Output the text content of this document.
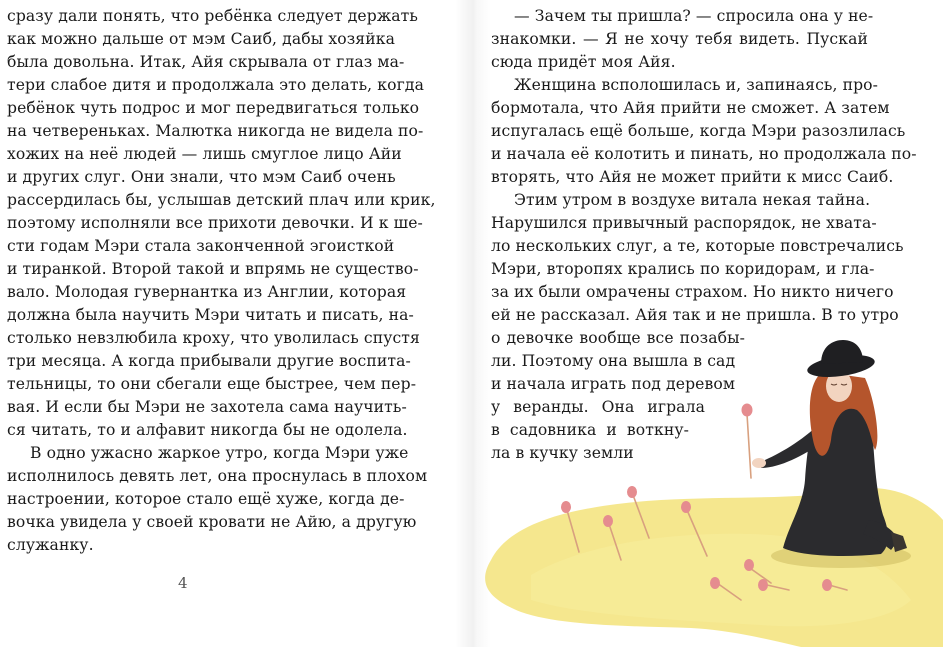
сразу дали понять, что ребёнка следует держать
как можно дальше от мэм Саиб, дабы хозяйка
была довольна. Итак, Айя скрывала от глаз ма-
тери слабое дитя и продолжала это делать, когда
ребёнок чуть подрос и мог передвигаться только
на четвереньках. Малютка никогда не видела по-
хожих на неё людей — лишь смуглое лицо Айи
и других слуг. Они знали, что мэм Саиб очень
рассердилась бы, услышав детский плач или крик,
поэтому исполняли все прихоти девочки. И к ше-
сти годам Мэри стала законченной эгоисткой
и тиранкой. Второй такой и впрямь не существо-
вало. Молодая гувернантка из Англии, которая
должна была научить Мэри читать и писать, на-
столько невзлюбила кроху, что уволилась спустя
три месяца. А когда прибывали другие воспита-
тельницы, то они сбегали еще быстрее, чем пер-
вая. И если бы Мэри не захотела сама научить-
ся читать, то и алфавит никогда бы не одолела.
В одно ужасно жаркое утро, когда Мэри уже
исполнилось девять лет, она проснулась в плохом
настроении, которое стало ещё хуже, когда де-
вочка увидела у своей кровати не Айю, а другую
служанку.
4
— Зачем ты пришла? — спросила она у не-
знакомки. — Я не хочу тебя видеть. Пускай
сюда придёт моя Айя.
Женщина всполошилась и, запинаясь, про-
бормотала, что Айя прийти не сможет. А затем
испугалась ещё больше, когда Мэри разозлилась
и начала её колотить и пинать, но продолжала по-
вторять, что Айя не может прийти к мисс Саиб.
Этим утром в воздухе витала некая тайна.
Нарушился привычный распорядок, не хвата-
ло нескольких слуг, а те, которые повстречались
Мэри, второпях крались по коридорам, и гла-
за их были омрачены страхом. Но никто ничего
ей не рассказал. Айя так и не пришла. В то утро
о девочке вообще все позабы-
ли. Поэтому она вышла в сад
и начала играть под деревом
у веранды. Она играла
в садовника и воткну-
ла в кучку земли
